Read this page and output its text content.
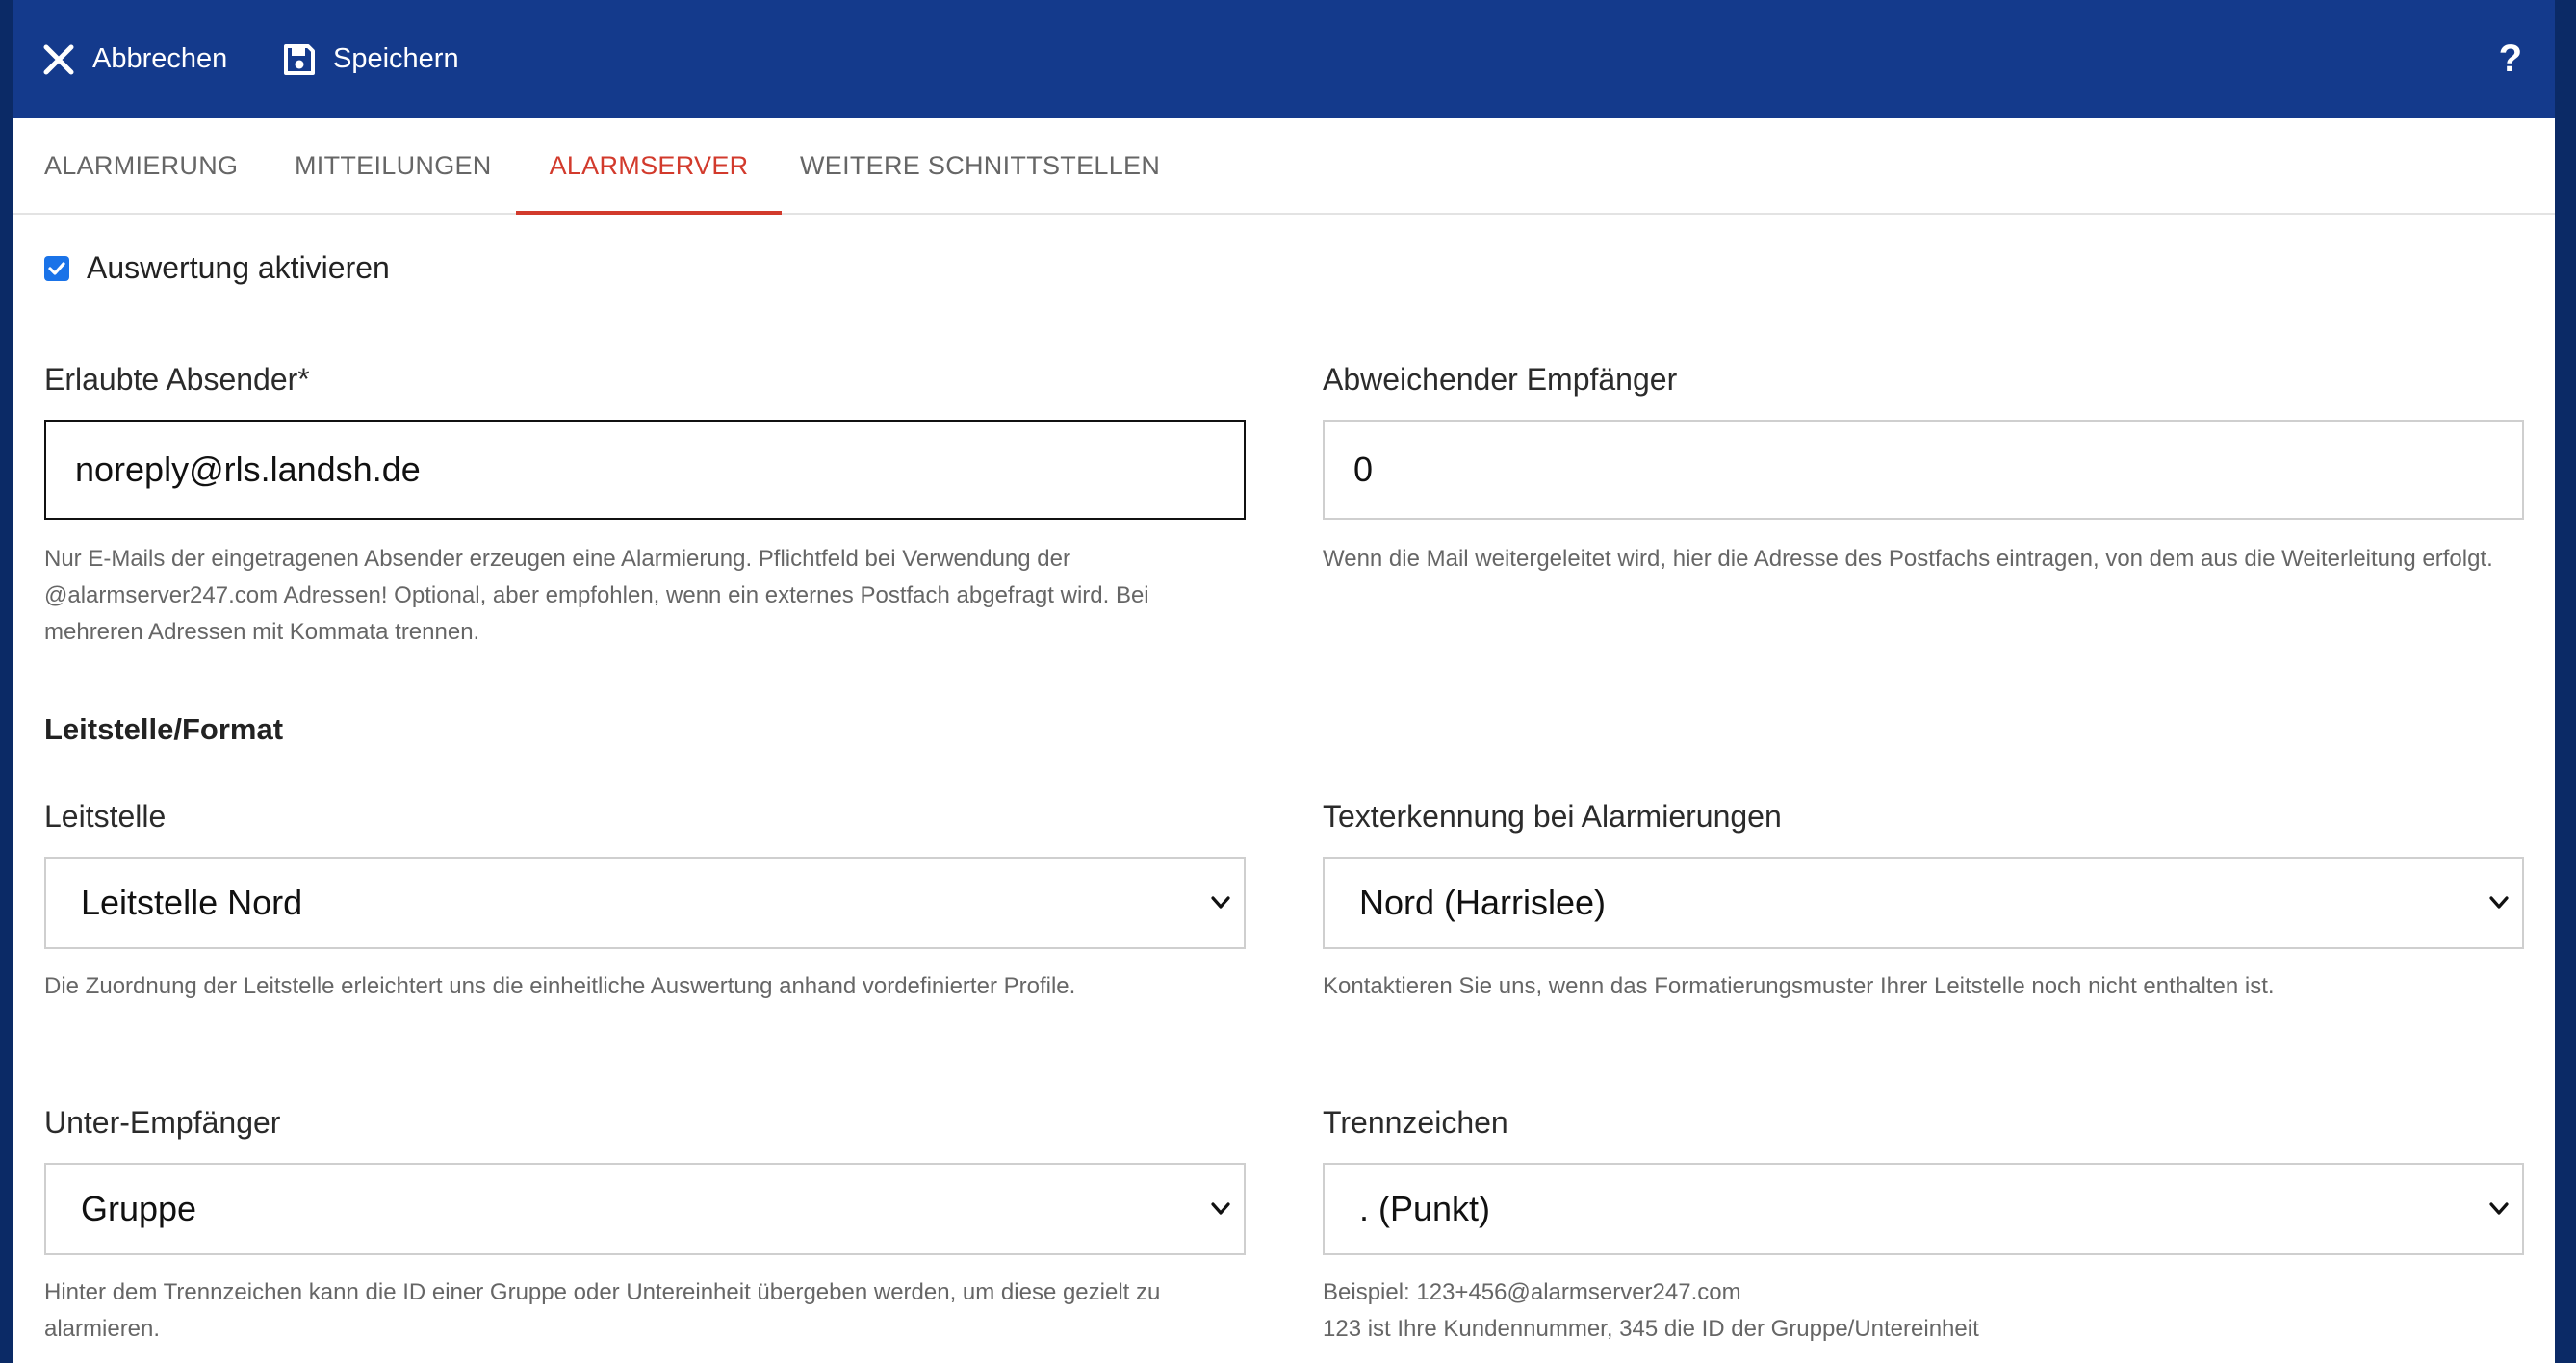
Abbrechen	Speichern	?
ALARMIERUNG MITTEILUNGEN ALARMSERVER WEITERE SCHNITTSTELLEN
Auswertung aktivieren
Erlaubte Absender*
noreply@rls.landsh.de
Nur E-Mails der eingetragenen Absender erzeugen eine Alarmierung. Pflichtfeld bei Verwendung der
@alarmserver247.com Adressen! Optional, aber empfohlen, wenn ein externes Postfach abgefragt wird. Bei
mehreren Adressen mit Kommata trennen.
Abweichender Empfänger
0
Wenn die Mail weitergeleitet wird, hier die Adresse des Postfachs eintragen, von dem aus die Weiterleitung erfolgt.
Leitstelle/Format
Leitstelle
Leitstelle Nord
Die Zuordnung der Leitstelle erleichtert uns die einheitliche Auswertung anhand vordefinierter Profile.
Texterkennung bei Alarmierungen
Nord (Harrislee)
Kontaktieren Sie uns, wenn das Formatierungsmuster Ihrer Leitstelle noch nicht enthalten ist.
Unter-Empfänger
Gruppe
Hinter dem Trennzeichen kann die ID einer Gruppe oder Untereinheit übergeben werden, um diese gezielt zu
alarmieren.
Trennzeichen
. (Punkt)
Beispiel: 123+456@alarmserver247.com
123 ist Ihre Kundennummer, 345 die ID der Gruppe/Untereinheit
